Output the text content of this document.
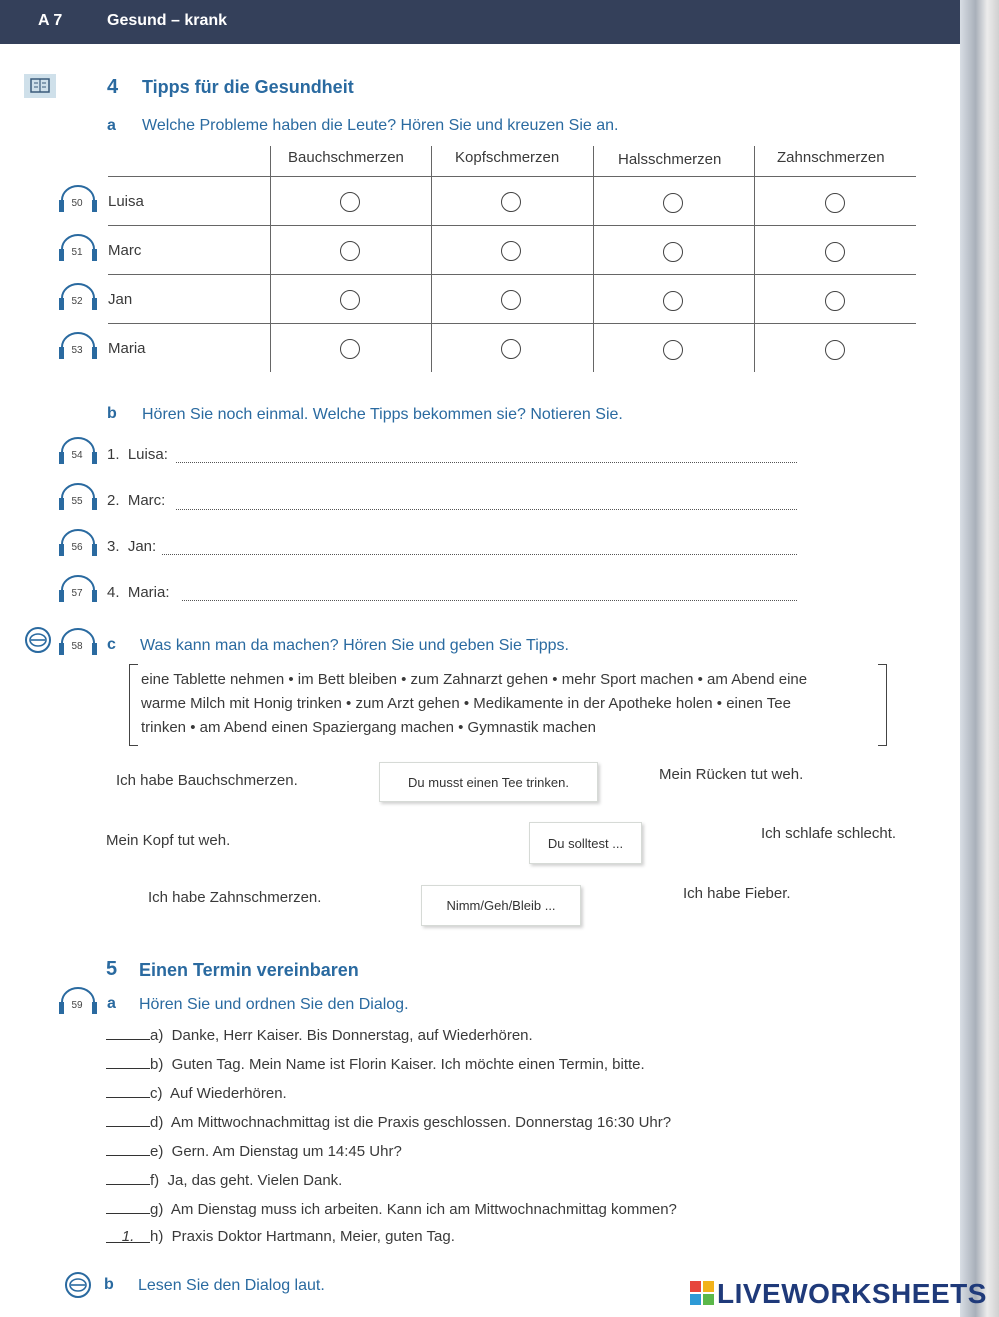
A 7	Gesund – krank
4 Tipps für die Gesundheit
a Welche Probleme haben die Leute? Hören Sie und kreuzen Sie an.
Bauchschmerzen	Kopfschmerzen	Halsschmerzen	Zahnschmerzen
50 Luisa
51 Marc
52 Jan
53 Maria
b Hören Sie noch einmal. Welche Tipps bekommen sie? Notieren Sie.
54 1.  Luisa:
55 2.  Marc:
56 3.  Jan:
57 4.  Maria:
58 c Was kann man da machen? Hören Sie und geben Sie Tipps.
eine Tablette nehmen • im Bett bleiben • zum Zahnarzt gehen • mehr Sport machen • am Abend eine
warme Milch mit Honig trinken • zum Arzt gehen • Medikamente in der Apotheke holen • einen Tee
trinken • am Abend einen Spaziergang machen • Gymnastik machen
Ich habe Bauchschmerzen.	Du musst einen Tee trinken.	Mein Rücken tut weh.
Mein Kopf tut weh.	Du solltest ...
Ich schlafe schlecht.
Ich habe Zahnschmerzen.	Nimm/Geh/Bleib ...
Ich habe Fieber.
5 Einen Termin vereinbaren
59 a Hören Sie und ordnen Sie den Dialog.
a)  Danke, Herr Kaiser. Bis Donnerstag, auf Wiederhören.
b)  Guten Tag. Mein Name ist Florin Kaiser. Ich möchte einen Termin, bitte.
c)  Auf Wiederhören.
d)  Am Mittwochnachmittag ist die Praxis geschlossen. Donnerstag 16:30 Uhr?
e)  Gern. Am Dienstag um 14:45 Uhr?
f)  Ja, das geht. Vielen Dank.
g)  Am Dienstag muss ich arbeiten. Kann ich am Mittwochnachmittag kommen?
1. h)  Praxis Doktor Hartmann, Meier, guten Tag.
b Lesen Sie den Dialog laut.	LIVEWORKSHEETS
